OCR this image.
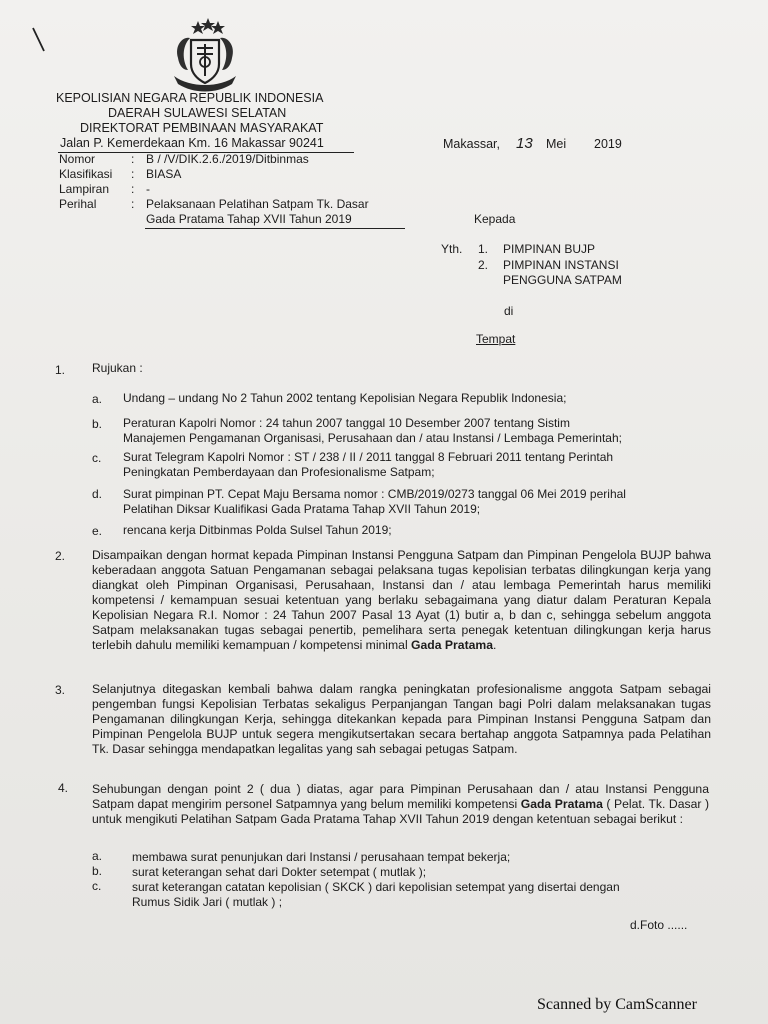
KEPOLISIAN NEGARA REPUBLIK INDONESIA
DAERAH SULAWESI SELATAN
DIREKTORAT PEMBINAAN MASYARAKAT
Jalan P. Kemerdekaan Km. 16 Makassar 90241	Makassar, 13 Mei 2019
Nomor	: B / /V/DIK.2.6./2019/Ditbinmas
Klasifikasi : BIASA
Lampiran : -
Perihal	: Pelaksanaan Pelatihan Satpam Tk. Dasar
Gada Pratama Tahap XVII Tahun 2019	Kepada
Yth. 1. PIMPINAN BUJP
2. PIMPINAN INSTANSI
PENGGUNA SATPAM
di
Tempat
1. Rujukan :
a. Undang – undang No 2 Tahun 2002 tentang Kepolisian Negara Republik Indonesia;
b. Peraturan Kapolri Nomor : 24 tahun 2007 tanggal 10 Desember 2007 tentang Sistim
Manajemen Pengamanan Organisasi, Perusahaan dan / atau Instansi / Lembaga Pemerintah;
c. Surat Telegram Kapolri Nomor : ST / 238 / II / 2011 tanggal 8 Februari 2011 tentang Perintah
Peningkatan Pemberdayaan dan Profesionalisme Satpam;
d. Surat pimpinan PT. Cepat Maju Bersama nomor : CMB/2019/0273 tanggal 06 Mei 2019 perihal
Pelatihan Diksar Kualifikasi Gada Pratama Tahap XVII Tahun 2019;
e. rencana kerja Ditbinmas Polda Sulsel Tahun 2019;
2. Disampaikan dengan hormat kepada Pimpinan Instansi Pengguna Satpam dan Pimpinan Pengelola BUJP bahwa keberadaan anggota Satuan Pengamanan sebagai pelaksana tugas kepolisian terbatas dilingkungan kerja yang diangkat oleh Pimpinan Organisasi, Perusahaan, Instansi dan / atau lembaga Pemerintah harus memiliki kompetensi / kemampuan sesuai ketentuan yang berlaku sebagaimana yang diatur dalam Peraturan Kepala Kepolisian Negara R.I. Nomor : 24 Tahun 2007 Pasal 13 Ayat (1) butir a, b dan c, sehingga sebelum anggota Satpam melaksanakan tugas sebagai penertib, pemelihara serta penegak ketentuan dilingkungan kerja harus terlebih dahulu memiliki kemampuan / kompetensi minimal Gada Pratama.
3. Selanjutnya ditegaskan kembali bahwa dalam rangka peningkatan profesionalisme anggota Satpam sebagai pengemban fungsi Kepolisian Terbatas sekaligus Perpanjangan Tangan bagi Polri dalam melaksanakan tugas Pengamanan dilingkungan Kerja, sehingga ditekankan kepada para Pimpinan Instansi Pengguna Satpam dan Pimpinan Pengelola BUJP untuk segera mengikutsertakan secara bertahap anggota Satpamnya pada Pelatihan Tk. Dasar sehingga mendapatkan legalitas yang sah sebagai petugas Satpam.
4. Sehubungan dengan point 2 ( dua ) diatas, agar para Pimpinan Perusahaan dan / atau Instansi Pengguna Satpam dapat mengirim personel Satpamnya yang belum memiliki kompetensi Gada Pratama ( Pelat. Tk. Dasar ) untuk mengikuti Pelatihan Satpam Gada Pratama Tahap XVII Tahun 2019 dengan ketentuan sebagai berikut :
a. membawa surat penunjukan dari Instansi / perusahaan tempat bekerja;
b. surat keterangan sehat dari Dokter setempat ( mutlak );
c.	surat keterangan catatan kepolisian ( SKCK ) dari kepolisian setempat yang disertai dengan
Rumus Sidik Jari ( mutlak ) ;
d.Foto ......
Scanned by CamScanner
